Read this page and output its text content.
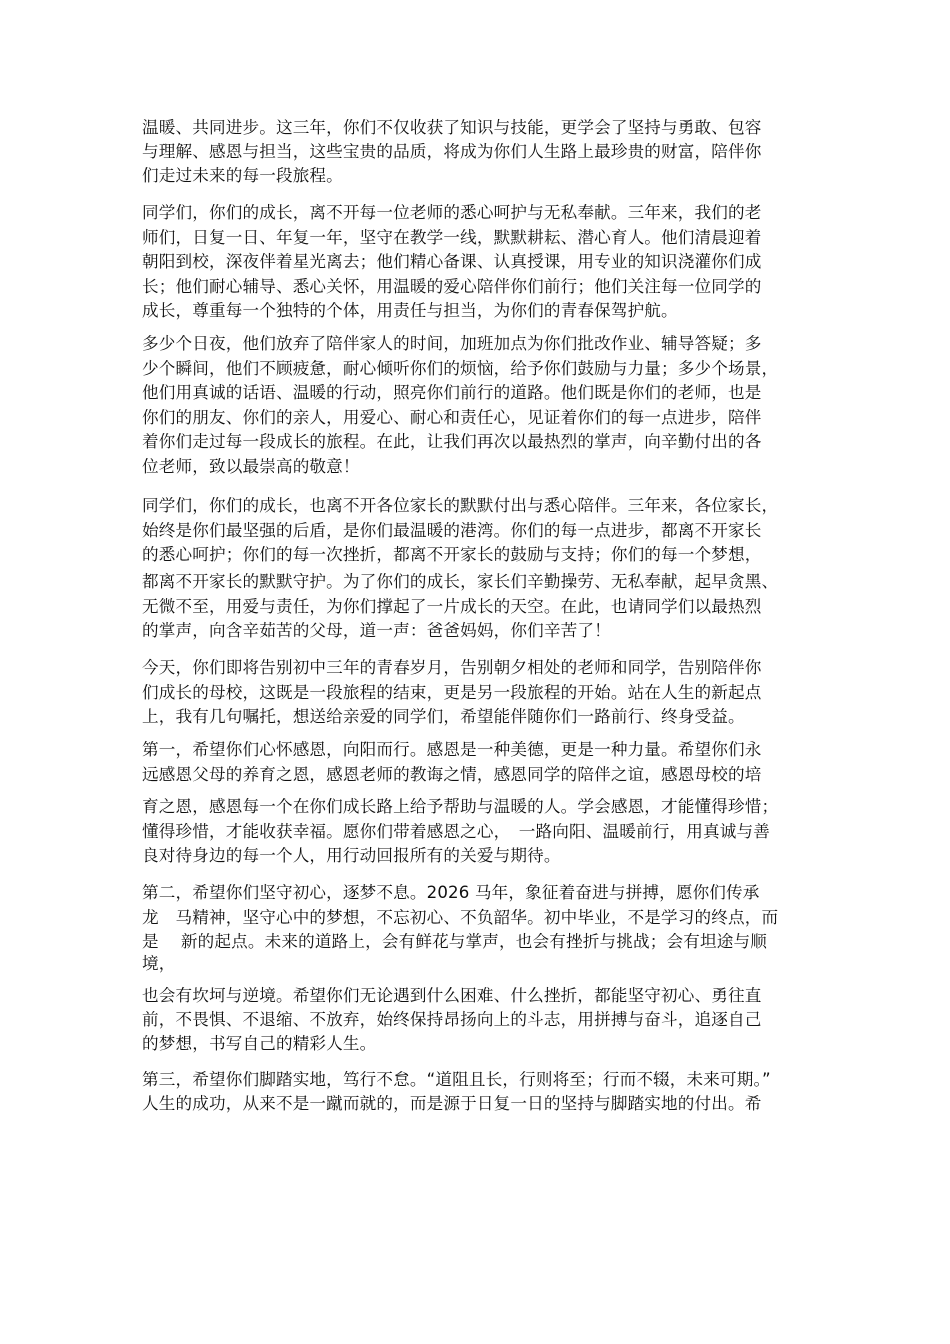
温暖、共同进步。这三年，你们不仅收获了知识与技能，更学会了坚持与勇敢、包容
与理解、感恩与担当，这些宝贵的品质，将成为你们人生路上最珍贵的财富，陪伴你
们走过未来的每一段旅程。
同学们，你们的成长，离不开每一位老师的悉心呵护与无私奉献。三年来，我们的老
师们，日复一日、年复一年，坚守在教学一线，默默耕耘、潜心育人。他们清晨迎着
朝阳到校，深夜伴着星光离去；他们精心备课、认真授课，用专业的知识浇灌你们成
长；他们耐心辅导、悉心关怀，用温暖的爱心陪伴你们前行；他们关注每一位同学的
成长，尊重每一个独特的个体，用责任与担当，为你们的青春保驾护航。
多少个日夜，他们放弃了陪伴家人的时间，加班加点为你们批改作业、辅导答疑；多
少个瞬间，他们不顾疲惫，耐心倾听你们的烦恼，给予你们鼓励与力量；多少个场景，
他们用真诚的话语、温暖的行动，照亮你们前行的道路。他们既是你们的老师，也是
你们的朋友、你们的亲人，用爱心、耐心和责任心，见证着你们的每一点进步，陪伴
着你们走过每一段成长的旅程。在此，让我们再次以最热烈的掌声，向辛勤付出的各
位老师，致以最崇高的敬意！
同学们，你们的成长，也离不开各位家长的默默付出与悉心陪伴。三年来，各位家长，
始终是你们最坚强的后盾，是你们最温暖的港湾。你们的每一点进步，都离不开家长
的悉心呵护；你们的每一次挫折，都离不开家长的鼓励与支持；你们的每一个梦想，
都离不开家长的默默守护。为了你们的成长，家长们辛勤操劳、无私奉献，起早贪黑、
无微不至，用爱与责任，为你们撑起了一片成长的天空。在此，也请同学们以最热烈
的掌声，向含辛茹苦的父母，道一声：爸爸妈妈，你们辛苦了！
今天，你们即将告别初中三年的青春岁月，告别朝夕相处的老师和同学，告别陪伴你
们成长的母校，这既是一段旅程的结束，更是另一段旅程的开始。站在人生的新起点
上，我有几句嘱托，想送给亲爱的同学们，希望能伴随你们一路前行、终身受益。
第一，希望你们心怀感恩，向阳而行。感恩是一种美德，更是一种力量。希望你们永
远感恩父母的养育之恩，感恩老师的教诲之情，感恩同学的陪伴之谊，感恩母校的培
育之恩，感恩每一个在你们成长路上给予帮助与温暖的人。学会感恩，才能懂得珍惜；
懂得珍惜，才能收获幸福。愿你们带着感恩之心，　一路向阳、温暖前行，用真诚与善
良对待身边的每一个人，用行动回报所有的关爱与期待。
第二，希望你们坚守初心，逐梦不息。2026 马年，象征着奋进与拼搏，愿你们传承
龙　马精神，坚守心中的梦想，不忘初心、不负韶华。初中毕业，不是学习的终点，而
是　 新的起点。未来的道路上，会有鲜花与掌声，也会有挫折与挑战；会有坦途与顺
境，
也会有坎坷与逆境。希望你们无论遇到什么困难、什么挫折，都能坚守初心、勇往直
前，不畏惧、不退缩、不放弃，始终保持昂扬向上的斗志，用拼搏与奋斗，追逐自己
的梦想，书写自己的精彩人生。
第三，希望你们脚踏实地，笃行不怠。“道阻且长，行则将至；行而不辍，未来可期。”
人生的成功，从来不是一蹴而就的，而是源于日复一日的坚持与脚踏实地的付出。希
